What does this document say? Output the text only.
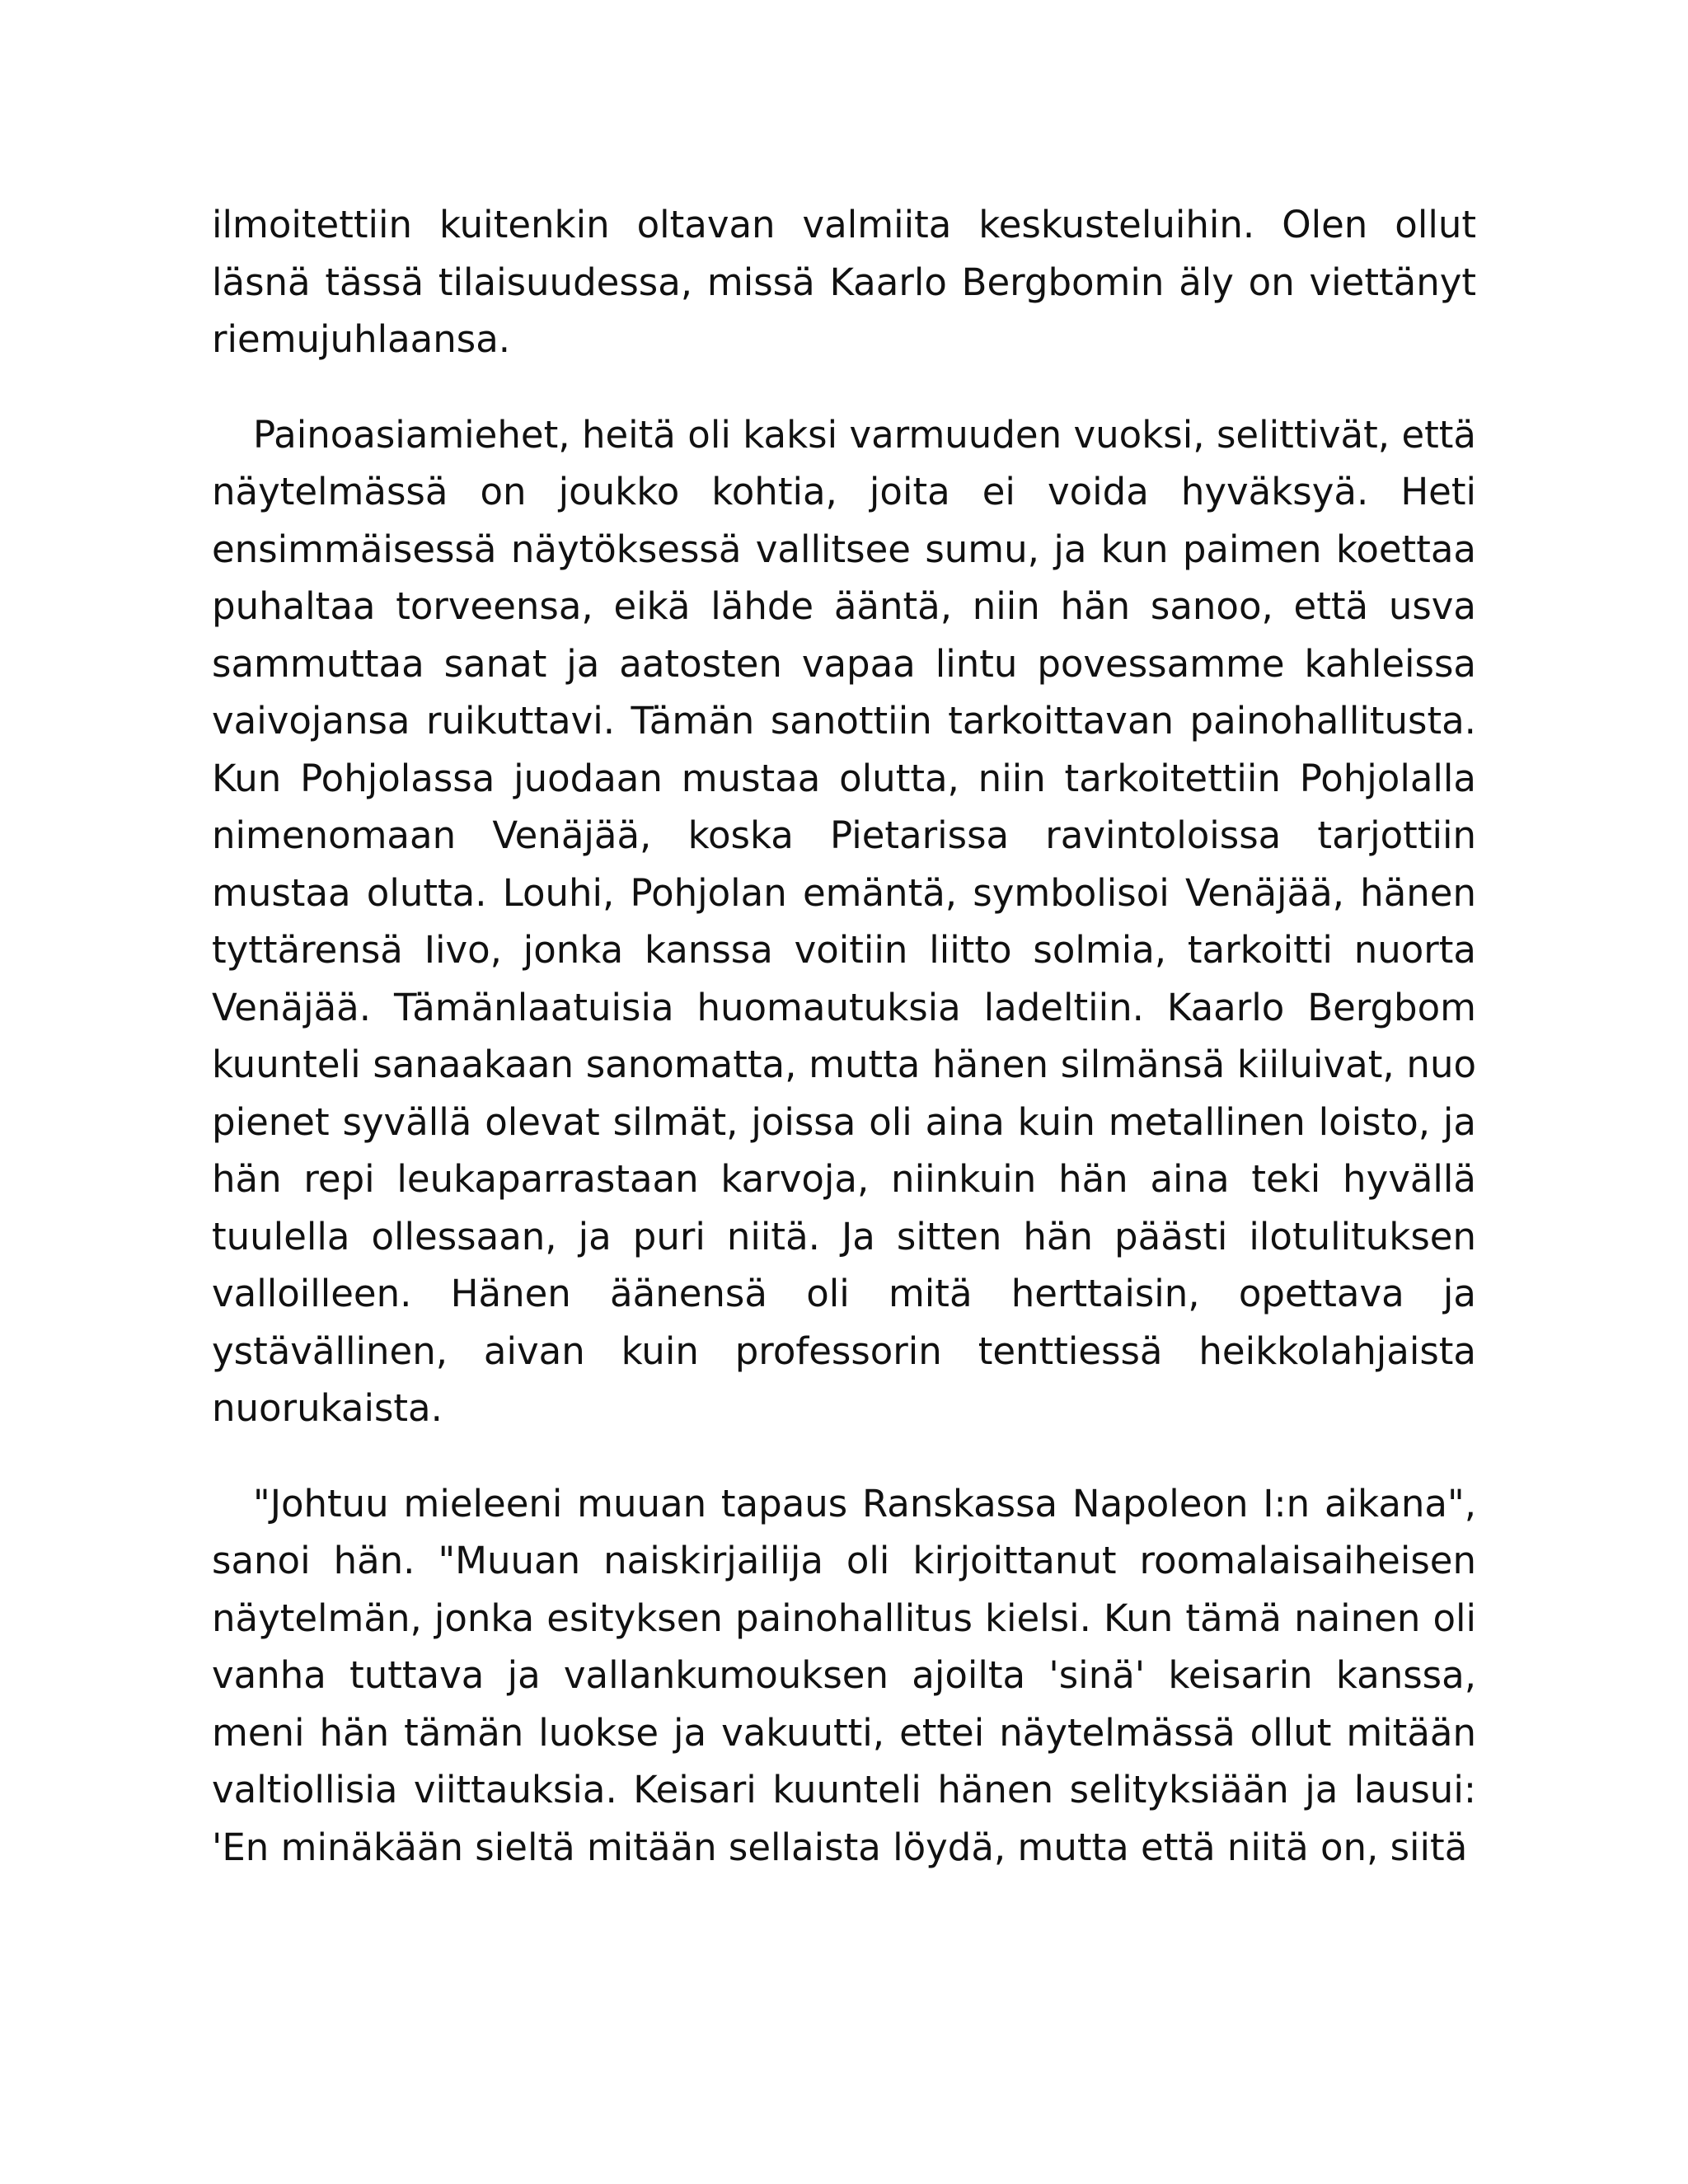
ilmoitettiin kuitenkin oltavan valmiita keskusteluihin. Olen ollut läsnä tässä tilaisuudessa, missä Kaarlo Bergbomin äly on viettänyt riemujuhlaansa.

Painoasiamiehet, heitä oli kaksi varmuuden vuoksi, selittivät, että näytelmässä on joukko kohtia, joita ei voida hyväksyä. Heti ensimmäisessä näytöksessä vallitsee sumu, ja kun paimen koettaa puhaltaa torveensa, eikä lähde ääntä, niin hän sanoo, että usva sammuttaa sanat ja aatosten vapaa lintu povessamme kahleissa vaivojansa ruikuttavi. Tämän sanottiin tarkoittavan painohallitusta. Kun Pohjolassa juodaan mustaa olutta, niin tarkoitettiin Pohjolalla nimenomaan Venäjää, koska Pietarissa ravintoloissa tarjottiin mustaa olutta. Louhi, Pohjolan emäntä, symbolisoi Venäjää, hänen tyttärensä Iivo, jonka kanssa voitiin liitto solmia, tarkoitti nuorta Venäjää. Tämänlaatuisia huomautuksia ladeltiin. Kaarlo Bergbom kuunteli sanaakaan sanomatta, mutta hänen silmänsä kiiluivat, nuo pienet syvällä olevat silmät, joissa oli aina kuin metallinen loisto, ja hän repi leukaparrastaan karvoja, niinkuin hän aina teki hyvällä tuulella ollessaan, ja puri niitä. Ja sitten hän päästi ilotulituksen valloilleen. Hänen äänensä oli mitä herttaisin, opettava ja ystävällinen, aivan kuin professorin tenttiessä heikkolahjaista nuorukaista.

"Johtuu mieleeni muuan tapaus Ranskassa Napoleon I:n aikana", sanoi hän. "Muuan naiskirjailija oli kirjoittanut roomalaisaiheisen näytelmän, jonka esityksen painohallitus kielsi. Kun tämä nainen oli vanha tuttava ja vallankumouksen ajoilta 'sinä' keisarin kanssa, meni hän tämän luokse ja vakuutti, ettei näytelmässä ollut mitään valtiollisia viittauksia. Keisari kuunteli hänen selityksiään ja lausui: 'En minäkään sieltä mitään sellaista löydä, mutta että niitä on, siitä
